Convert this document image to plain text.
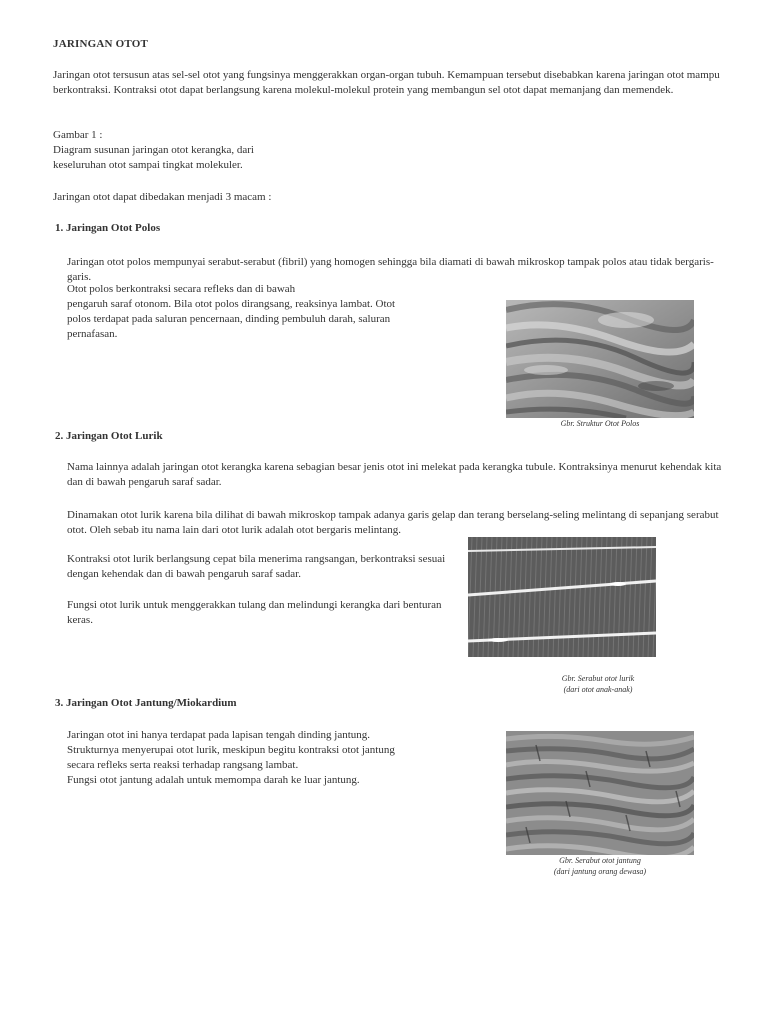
JARINGAN OTOT

Jaringan otot tersusun atas sel-sel otot yang fungsinya menggerakkan organ-organ tubuh. Kemampuan tersebut disebabkan karena jaringan otot mampu berkontraksi. Kontraksi otot dapat berlangsung karena molekul-molekul protein yang membangun sel otot dapat memanjang dan memendek.

Gambar 1 :
Diagram susunan jaringan otot kerangka, dari
keseluruhan otot sampai tingkat molekuler.

Jaringan otot dapat dibedakan menjadi 3 macam :

1. Jaringan Otot Polos

Jaringan otot polos mempunyai serabut-serabut (fibril) yang homogen sehingga bila diamati di bawah mikroskop tampak polos atau tidak bergaris-garis.

Otot polos berkontraksi secara refleks dan di bawah
pengaruh saraf otonom. Bila otot polos dirangsang, reaksinya lambat. Otot
polos terdapat pada saluran pencernaan, dinding pembuluh darah, saluran
pernafasan.
Gbr. Struktur Otot Polos
2. Jaringan Otot Lurik

Nama lainnya adalah jaringan otot kerangka karena sebagian besar jenis otot ini melekat pada kerangka tubule. Kontraksinya menurut kehendak kita dan di bawah pengaruh saraf sadar.

Dinamakan otot lurik karena bila dilihat di bawah mikroskop tampak adanya garis gelap dan terang berselang-seling melintang di sepanjang serabut otot. Oleh sebab itu nama lain dari otot lurik adalah otot bergaris melintang.

Kontraksi otot lurik berlangsung cepat bila menerima rangsangan, berkontraksi sesuai dengan kehendak dan di bawah pengaruh saraf sadar.

Fungsi otot lurik untuk menggerakkan tulang dan melindungi kerangka dari benturan keras.

Gbr. Serabut otot lurik
(dari otot anak-anak)
3. Jaringan Otot Jantung/Miokardium
Jaringan otot ini hanya terdapat pada lapisan tengah dinding jantung.
Strukturnya menyerupai otot lurik, meskipun begitu kontraksi otot jantung
secara refleks serta reaksi terhadap rangsang lambat.
Fungsi otot jantung adalah untuk memompa darah ke luar jantung.
Gbr. Serabut otot jantung
(dari jantung orang dewasa)
